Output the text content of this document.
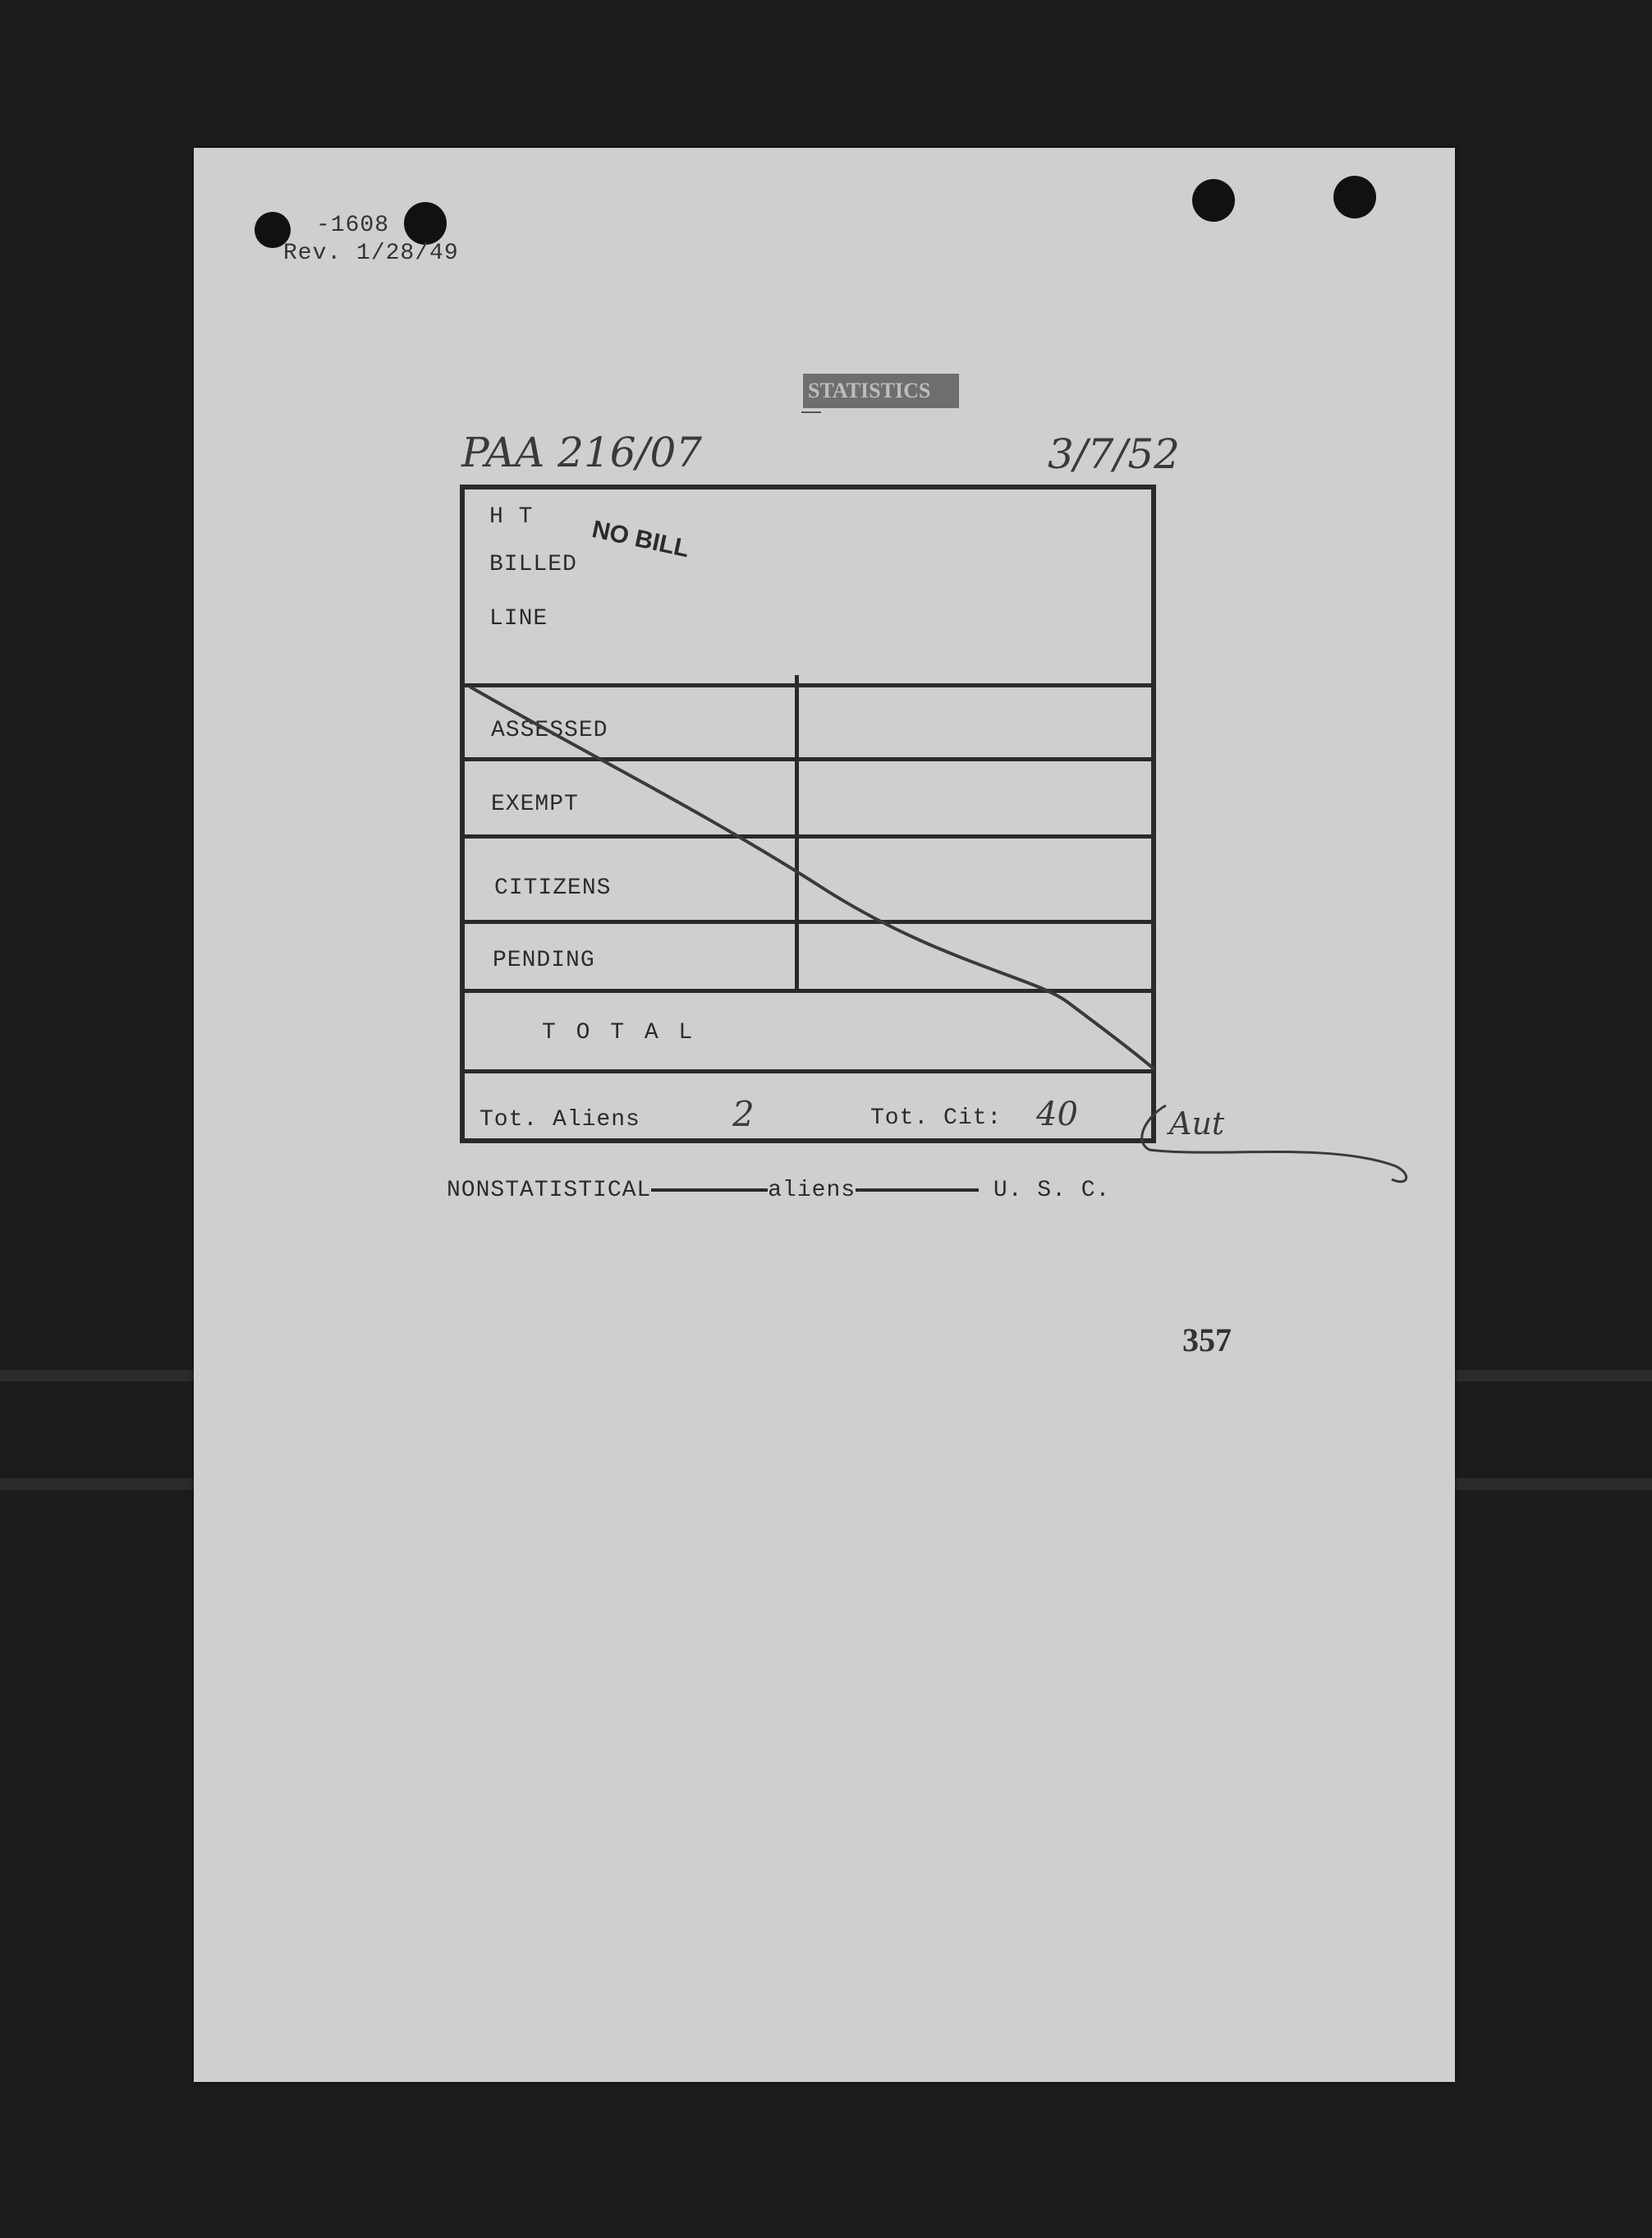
-1608
Rev. 1/28/49
STATISTICS
PAA 216/07	3/7/52
H T
BILLED
LINE
NO BILL
ASSESSED
EXEMPT
CITIZENS
PENDING
T O T A L
Tot. Aliens	2	Tot. Cit: 40	Aut
NONSTATISTICAL	aliens	U. S. C.
357
